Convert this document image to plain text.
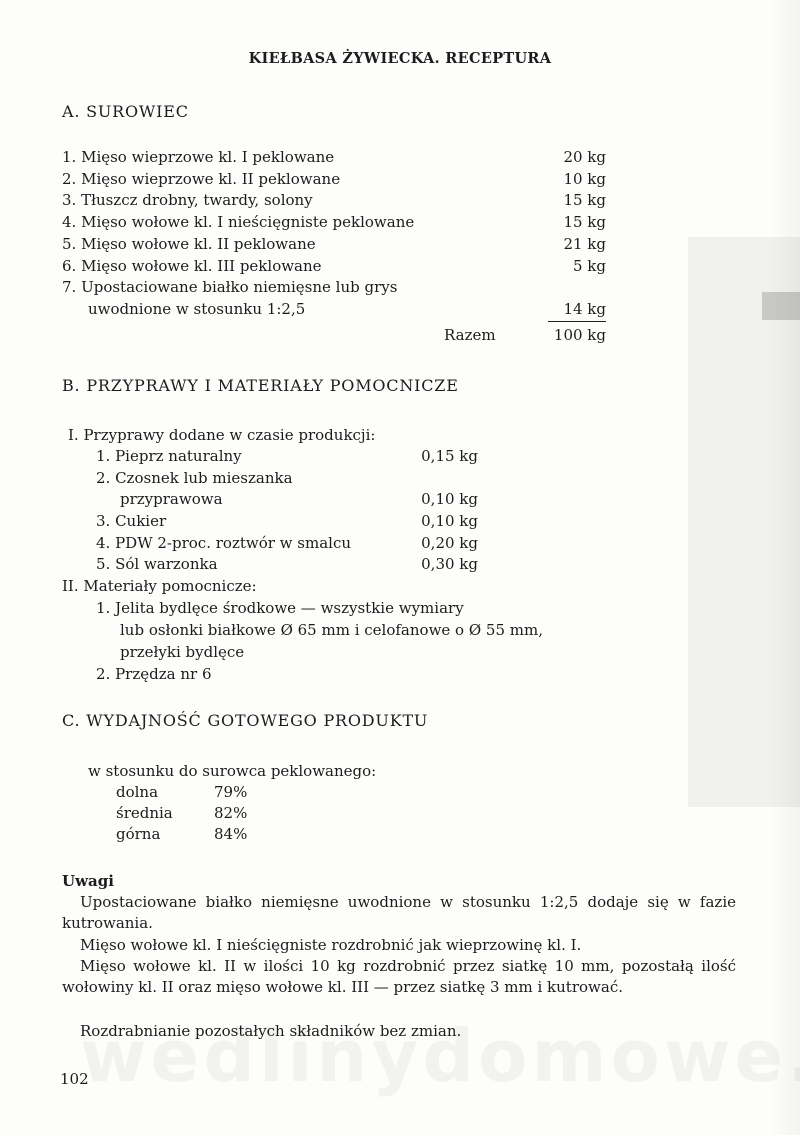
KIEŁBASA ŻYWIECKA. RECEPTURA
A. SUROWIEC
1. Mięso wieprzowe kl. I peklowane	20 kg
2. Mięso wieprzowe kl. II peklowane	10 kg
3. Tłuszcz drobny, twardy, solony	15 kg
4. Mięso wołowe kl. I nieścięgniste peklowane	15 kg
5. Mięso wołowe kl. II peklowane	21 kg
6. Mięso wołowe kl. III peklowane	5 kg
7. Upostaciowane białko niemięsne lub grys
uwodnione w stosunku 1:2,5	14 kg
Razem	100 kg
B. PRZYPRAWY I MATERIAŁY POMOCNICZE
I. Przyprawy dodane w czasie produkcji:
1. Pieprz naturalny	0,15 kg
2. Czosnek lub mieszanka
przyprawowa	0,10 kg
3. Cukier	0,10 kg
4. PDW 2-proc. roztwór w smalcu	0,20 kg
5. Sól warzonka	0,30 kg
II. Materiały pomocnicze:
1. Jelita bydlęce środkowe — wszystkie wymiary
lub osłonki białkowe Ø 65 mm i celofanowe o Ø 55 mm,
przełyki bydlęce
2. Przędza nr 6
C. WYDAJNOŚĆ GOTOWEGO PRODUKTU
w stosunku do surowca peklowanego:
dolna	79%
średnia	82%
górna	84%
Uwagi
Upostaciowane białko niemięsne uwodnione w stosunku 1:2,5 dodaje się w fazie kutrowania.
Mięso wołowe kl. I nieścięgniste rozdrobnić jak wieprzowinę kl. I.
Mięso wołowe kl. II w ilości 10 kg rozdrobnić przez siatkę 10 mm, pozostałą ilość wołowiny kl. II oraz mięso wołowe kl. III — przez siatkę 3 mm i kutrować.
Rozdrabnianie pozostałych składników bez zmian.
102
